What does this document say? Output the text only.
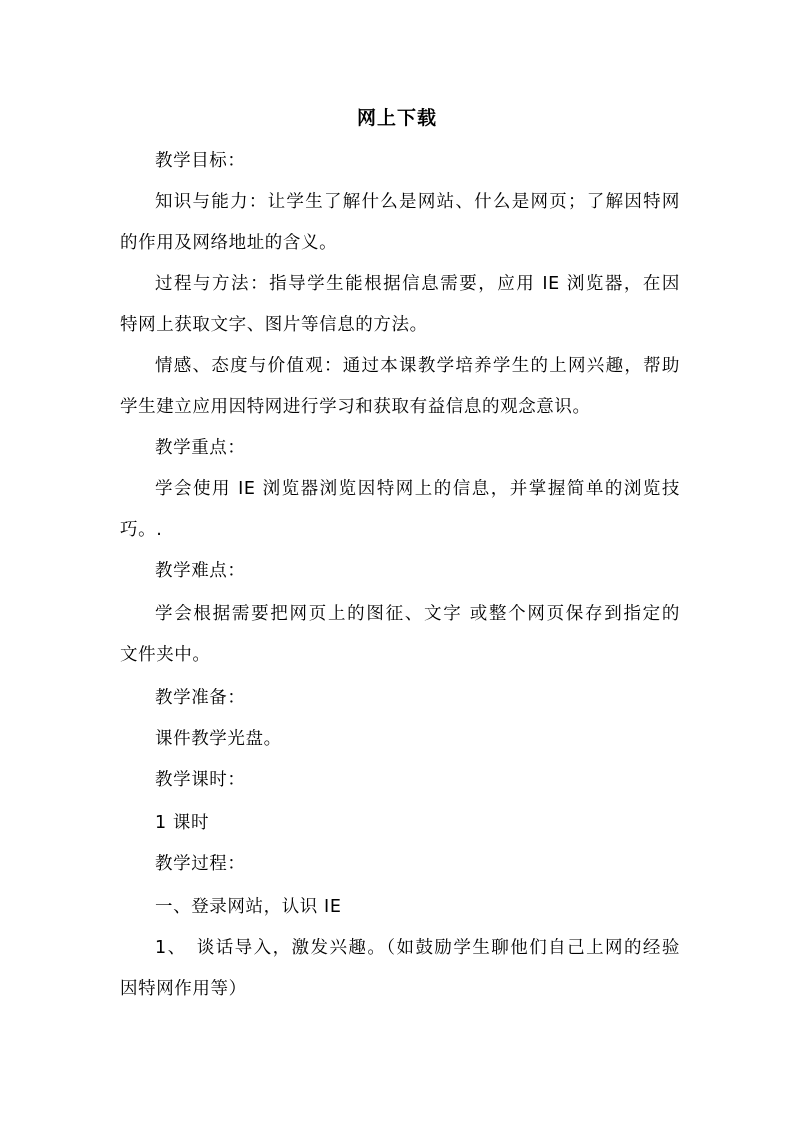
网上下载
教学目标：
知识与能力：让学生了解什么是网站、什么是网页；了解因特网
的作用及网络地址的含义。
过程与方法：指导学生能根据信息需要，应用 IE 浏览器，在因
特网上获取文字、图片等信息的方法。
情感、态度与价值观：通过本课教学培养学生的上网兴趣，帮助
学生建立应用因特网进行学习和获取有益信息的观念意识。
教学重点：
学会使用 IE 浏览器浏览因特网上的信息，并掌握简单的浏览技
巧。.
教学难点：
学会根据需要把网页上的图征、文字 或整个网页保存到指定的
文件夹中。
教学准备：
课件教学光盘。
教学课时：
1 课时
教学过程：
一、登录网站，认识 IE
1、　谈话导入，激发兴趣。（如鼓励学生聊他们自己上网的经验
因特网作用等）
